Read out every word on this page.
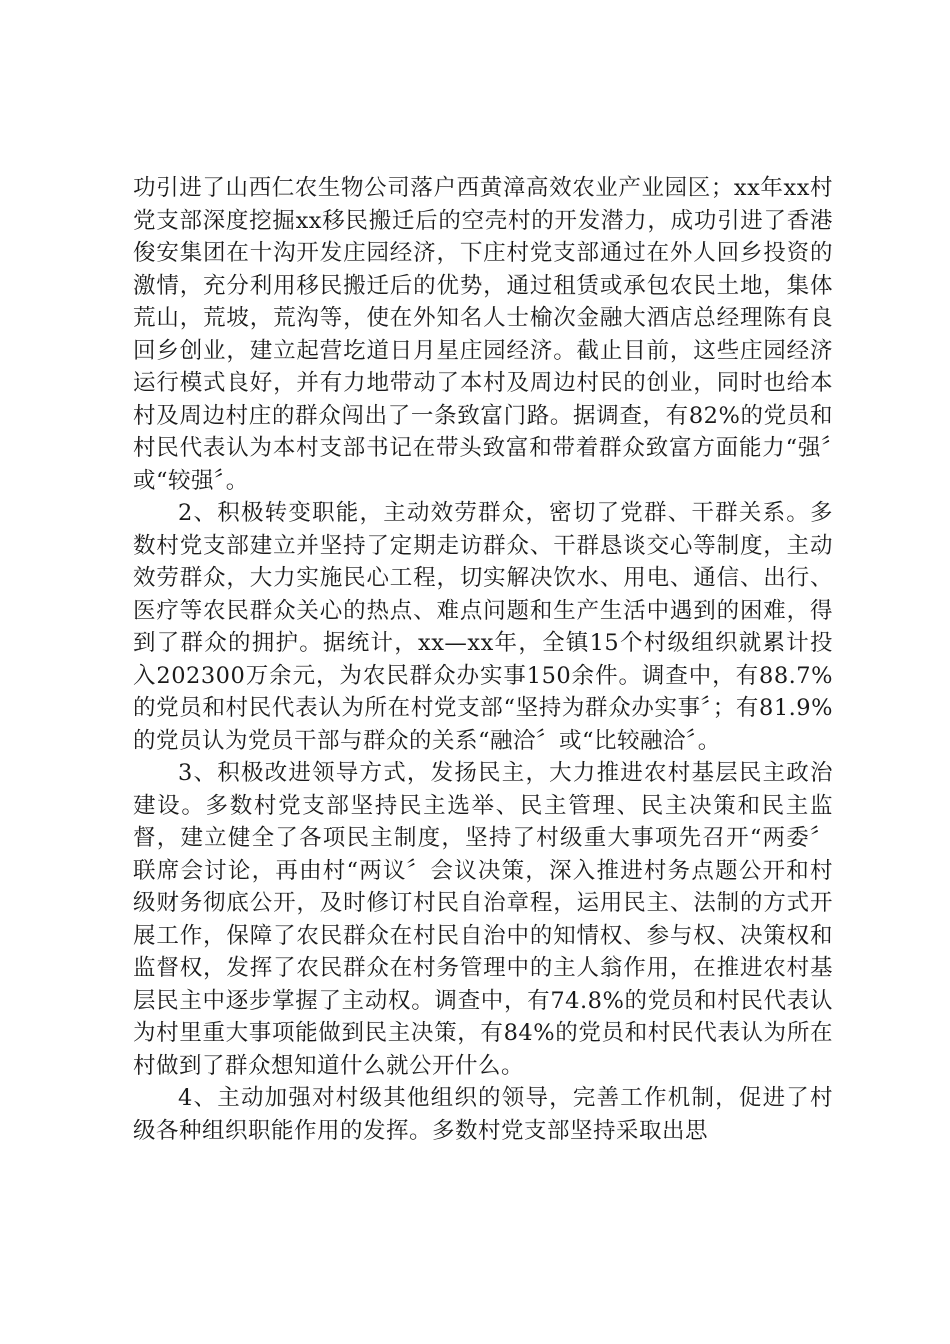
功引进了山西仁农生物公司落户西黄漳高效农业产业园区；xx年xx村党支部深度挖掘xx移民搬迁后的空壳村的开发潜力，成功引进了香港俊安集团在十沟开发庄园经济，下庄村党支部通过在外人回乡投资的激情，充分利用移民搬迁后的优势，通过租赁或承包农民土地，集体荒山，荒坡，荒沟等，使在外知名人士榆次金融大酒店总经理陈有良回乡创业，建立起营圪道日月星庄园经济。截止目前，这些庄园经济运行模式良好，并有力地带动了本村及周边村民的创业，同时也给本村及周边村庄的群众闯出了一条致富门路。据调查，有82%的党员和村民代表认为本村支部书记在带头致富和带着群众致富方面能力“强〞或“较强〞。

2、积极转变职能，主动效劳群众，密切了党群、干群关系。多数村党支部建立并坚持了定期走访群众、干群恳谈交心等制度，主动效劳群众，大力实施民心工程，切实解决饮水、用电、通信、出行、医疗等农民群众关心的热点、难点问题和生产生活中遇到的困难，得到了群众的拥护。据统计，xx—xx年，全镇15个村级组织就累计投入202300万余元，为农民群众办实事150余件。调查中，有88.7%的党员和村民代表认为所在村党支部“坚持为群众办实事〞；有81.9%的党员认为党员干部与群众的关系“融洽〞或“比较融洽〞。

3、积极改进领导方式，发扬民主，大力推进农村基层民主政治建设。多数村党支部坚持民主选举、民主管理、民主决策和民主监督，建立健全了各项民主制度，坚持了村级重大事项先召开“两委〞联席会讨论，再由村“两议〞会议决策，深入推进村务点题公开和村级财务彻底公开，及时修订村民自治章程，运用民主、法制的方式开展工作，保障了农民群众在村民自治中的知情权、参与权、决策权和监督权，发挥了农民群众在村务管理中的主人翁作用，在推进农村基层民主中逐步掌握了主动权。调查中，有74.8%的党员和村民代表认为村里重大事项能做到民主决策，有84%的党员和村民代表认为所在村做到了群众想知道什么就公开什么。

4、主动加强对村级其他组织的领导，完善工作机制，促进了村级各种组织职能作用的发挥。多数村党支部坚持采取出思
